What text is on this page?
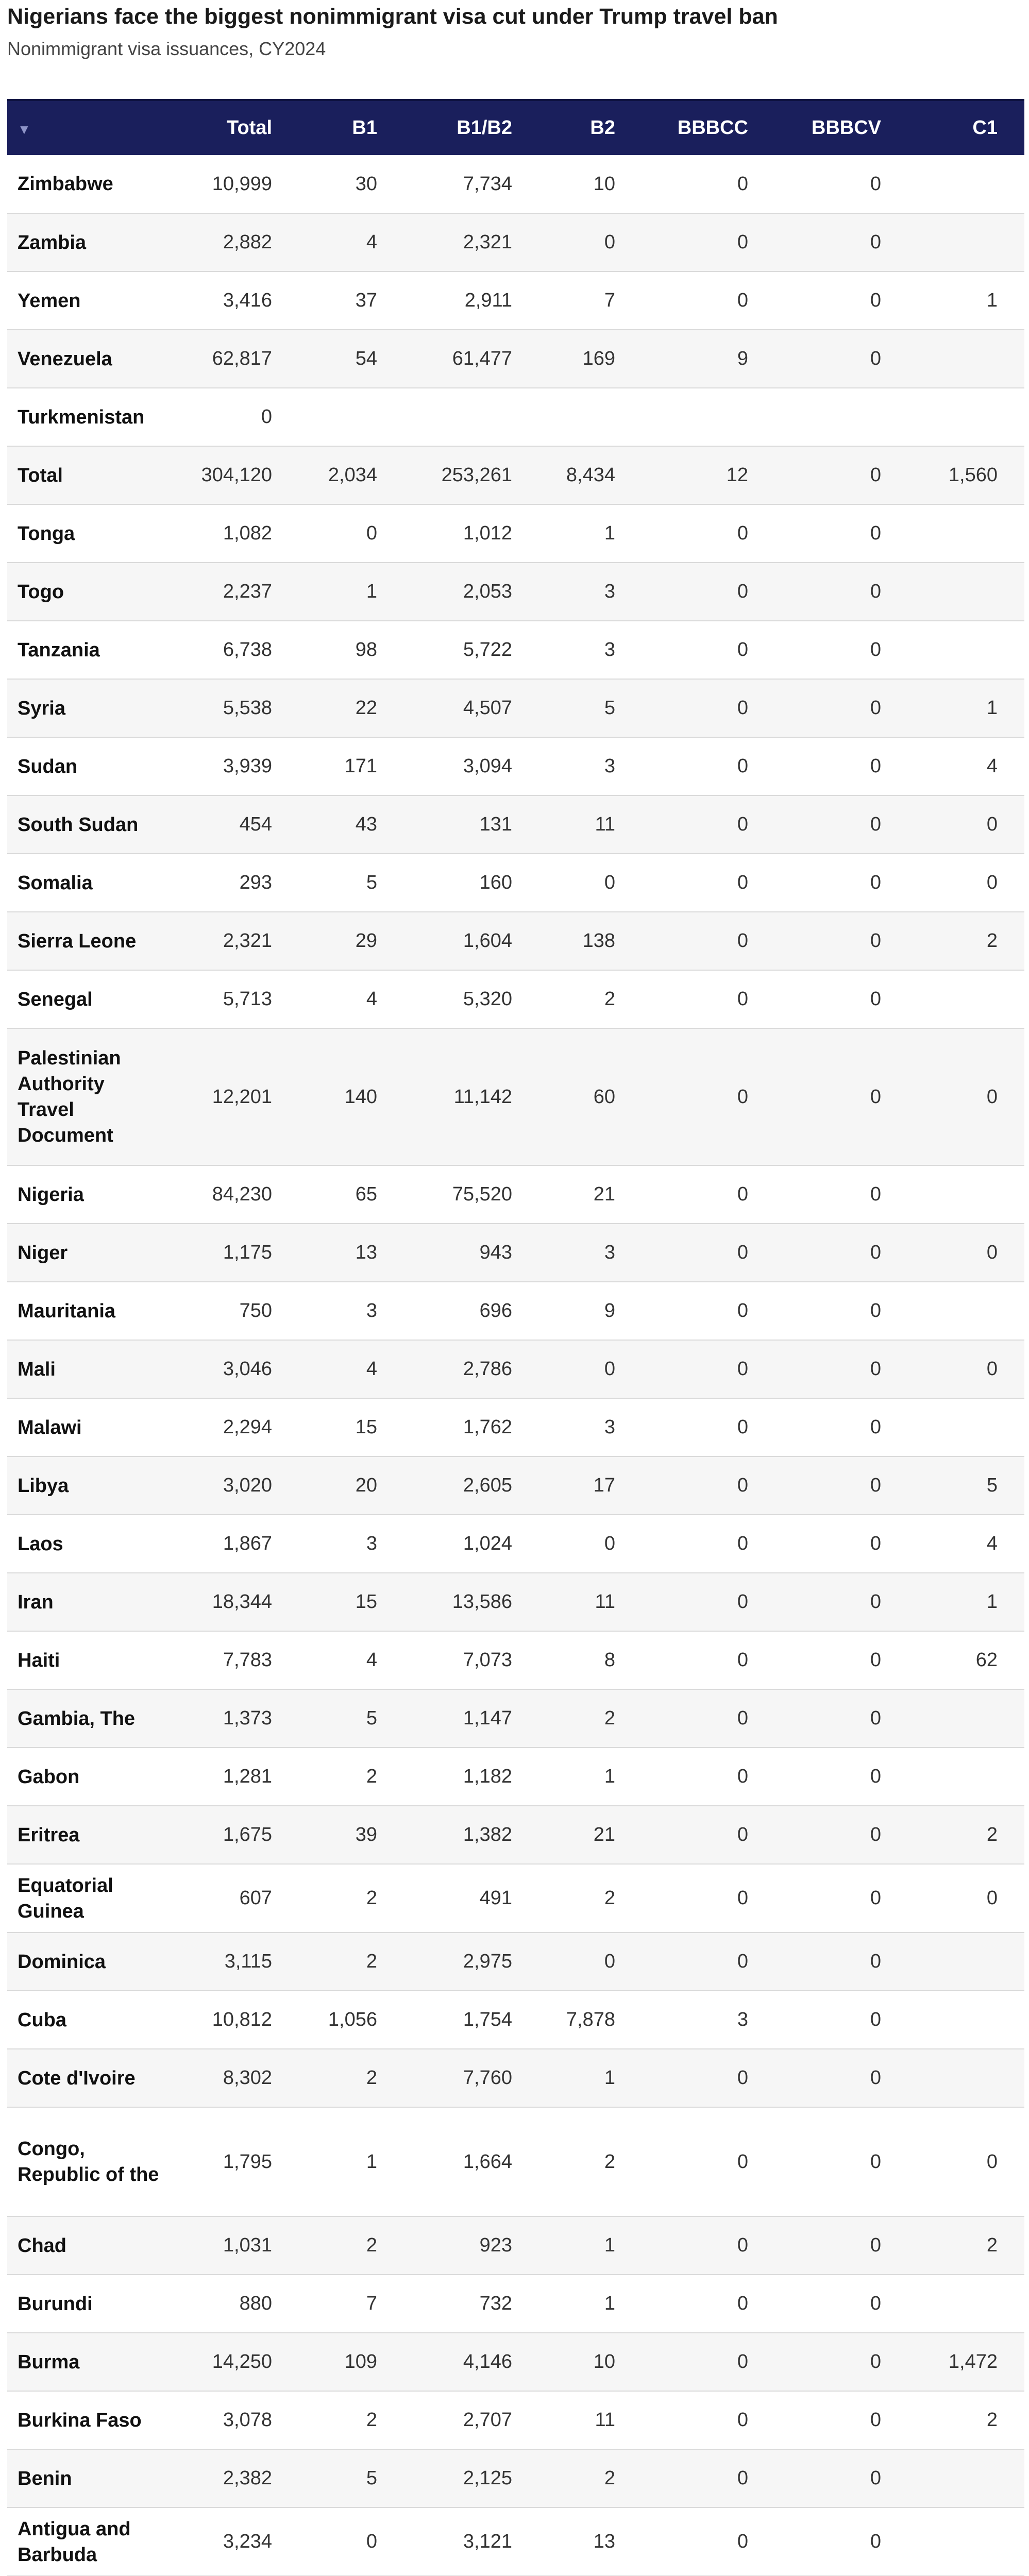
Nigerians face the biggest nonimmigrant visa cut under Trump travel ban
Nonimmigrant visa issuances, CY2024
▼	Total	B1	B1/B2	B2	BBBCC	BBBCV	C1
Zimbabwe	10,999	30	7,734	10	0	0	
Zambia	2,882	4	2,321	0	0	0	
Yemen	3,416	37	2,911	7	0	0	1
Venezuela	62,817	54	61,477	169	9	0	
Turkmenistan	0						
Total	304,120	2,034	253,261	8,434	12	0	1,560
Tonga	1,082	0	1,012	1	0	0	
Togo	2,237	1	2,053	3	0	0	
Tanzania	6,738	98	5,722	3	0	0	
Syria	5,538	22	4,507	5	0	0	1
Sudan	3,939	171	3,094	3	0	0	4
South Sudan	454	43	131	11	0	0	0
Somalia	293	5	160	0	0	0	0
Sierra Leone	2,321	29	1,604	138	0	0	2
Senegal	5,713	4	5,320	2	0	0	
Palestinian Authority Travel Document	12,201	140	11,142	60	0	0	0
Nigeria	84,230	65	75,520	21	0	0	
Niger	1,175	13	943	3	0	0	0
Mauritania	750	3	696	9	0	0	
Mali	3,046	4	2,786	0	0	0	0
Malawi	2,294	15	1,762	3	0	0	
Libya	3,020	20	2,605	17	0	0	5
Laos	1,867	3	1,024	0	0	0	4
Iran	18,344	15	13,586	11	0	0	1
Haiti	7,783	4	7,073	8	0	0	62
Gambia, The	1,373	5	1,147	2	0	0	
Gabon	1,281	2	1,182	1	0	0	
Eritrea	1,675	39	1,382	21	0	0	2
Equatorial Guinea	607	2	491	2	0	0	0
Dominica	3,115	2	2,975	0	0	0	
Cuba	10,812	1,056	1,754	7,878	3	0	
Cote d'Ivoire	8,302	2	7,760	1	0	0	
Congo, Republic of the	1,795	1	1,664	2	0	0	0
Chad	1,031	2	923	1	0	0	2
Burundi	880	7	732	1	0	0	
Burma	14,250	109	4,146	10	0	0	1,472
Burkina Faso	3,078	2	2,707	11	0	0	2
Benin	2,382	5	2,125	2	0	0	
Antigua and Barbuda	3,234	0	3,121	13	0	0	
